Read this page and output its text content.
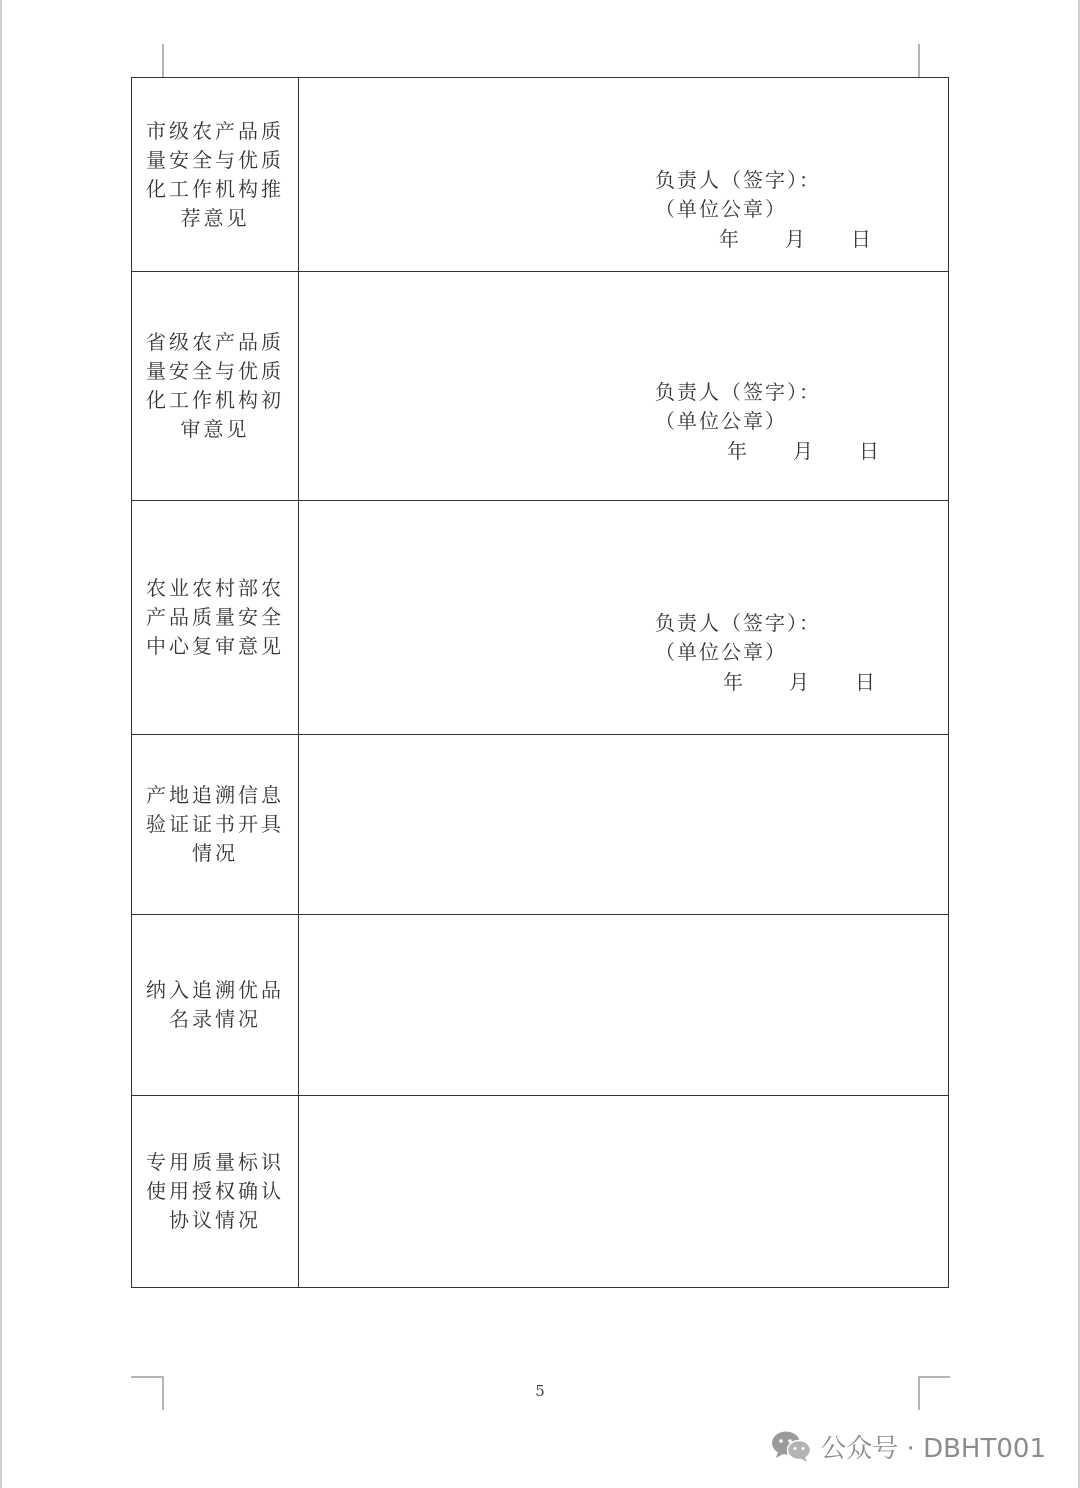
市级农产品质
量安全与优质
化工作机构推
荐意见	负责人（签字）：
（单位公章）
年　　月　　日

省级农产品质
量安全与优质
化工作机构初
审意见	负责人（签字）：
（单位公章）
年　　月　　日

农业农村部农
产品质量安全
中心复审意见	负责人（签字）：
（单位公章）
年　　月　　日

产地追溯信息
验证证书开具
情况	

纳入追溯优品
名录情况	

专用质量标识
使用授权确认
协议情况	

5
公众号 · DBHT001
